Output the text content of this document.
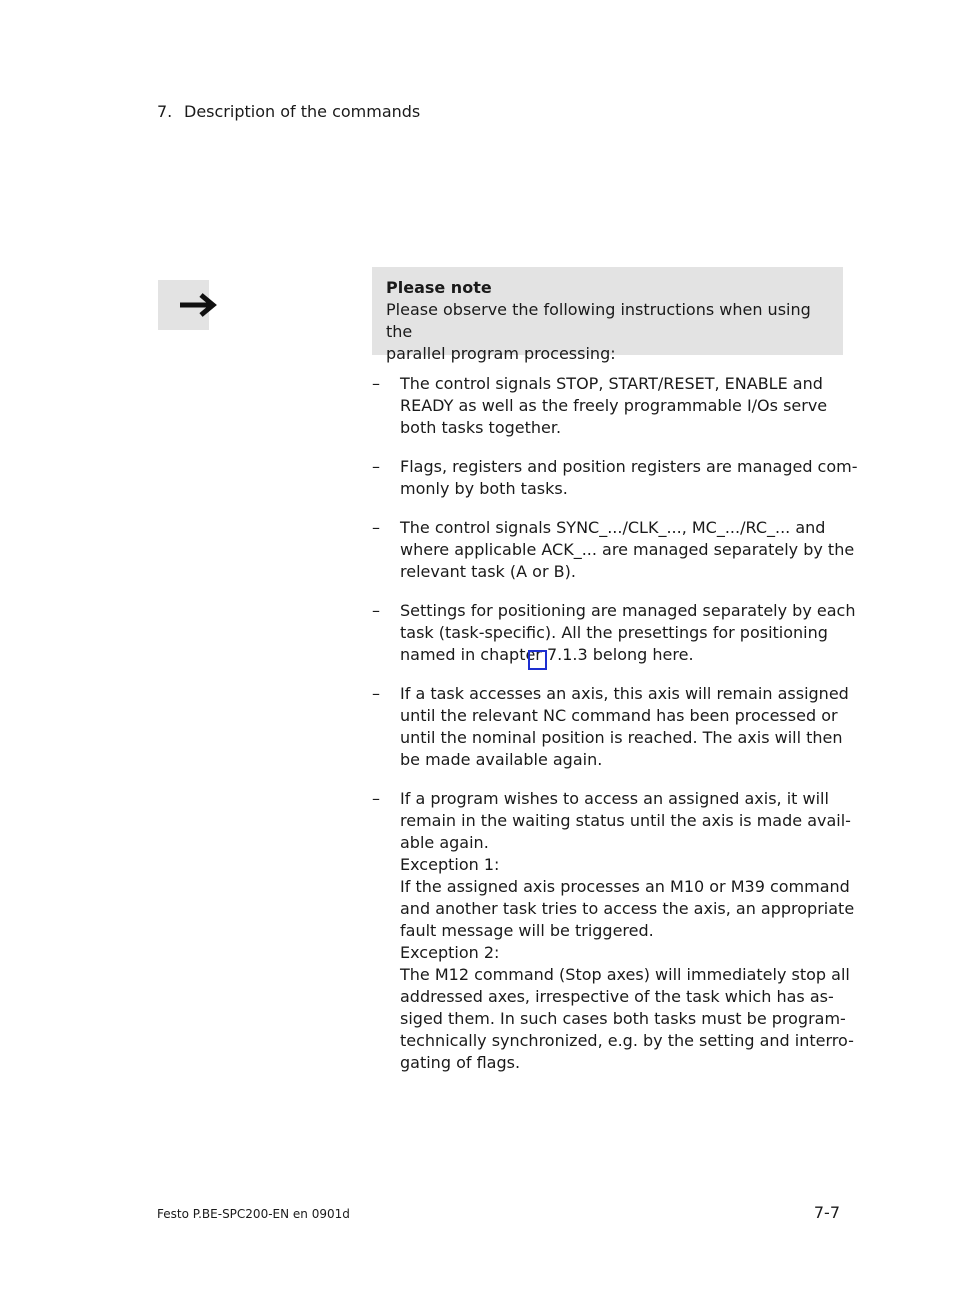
7. Description of the commands
Please note
Please observe the following instructions when using the
parallel program processing:
– The control signals STOP, START/RESET, ENABLE and
READY as well as the freely programmable I/Os serve
both tasks together.
– Flags, registers and position registers are managed com-
monly by both tasks.
– The control signals SYNC_.../CLK_..., MC_.../RC_... and
where applicable ACK_... are managed separately by the
relevant task (A or B).
– Settings for positioning are managed separately by each
task (task-specific). All the presettings for positioning
named in chapter 7.1.3 belong here.
– If a task accesses an axis, this axis will remain assigned
until the relevant NC command has been processed or
until the nominal position is reached. The axis will then
be made available again.
– If a program wishes to access an assigned axis, it will
remain in the waiting status until the axis is made avail-
able again.
Exception 1:
If the assigned axis processes an M10 or M39 command
and another task tries to access the axis, an appropriate
fault message will be triggered.
Exception 2:
The M12 command (Stop axes) will immediately stop all
addressed axes, irrespective of the task which has as-
siged them. In such cases both tasks must be program-
technically synchronized, e.g. by the setting and interro-
gating of flags.
Festo P.BE-SPC200-EN en 0901d	7-7
